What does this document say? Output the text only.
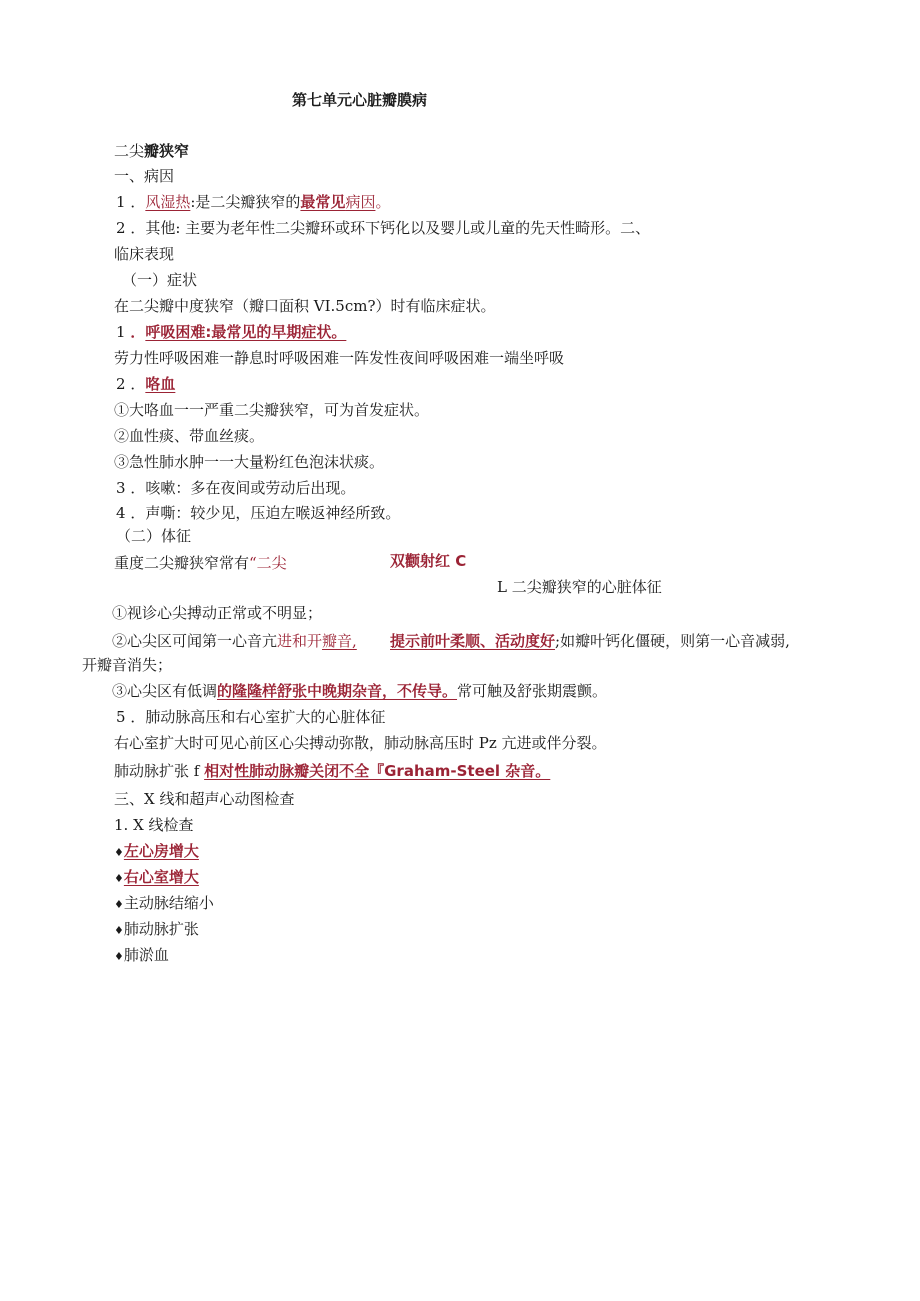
第七单元心脏瓣膜病
二尖瓣狭窄
一、病因
1 ．风湿热:是二尖瓣狭窄的最常见病因。
2 ．其他: 主要为老年性二尖瓣环或环下钙化以及婴儿或儿童的先天性畸形。二、
临床表现
（一）症状
在二尖瓣中度狭窄（瓣口面积 VI.5cm?）时有临床症状。
1 ．呼吸困难:最常见的早期症状。
劳力性呼吸困难一静息时呼吸困难一阵发性夜间呼吸困难一端坐呼吸
2 ．咯血
①大咯血一一严重二尖瓣狭窄，可为首发症状。
②血性痰、带血丝痰。
③急性肺水肿一一大量粉红色泡沫状痰。
3 ．咳嗽：多在夜间或劳动后出现。
4 ．声嘶：较少见，压迫左喉返神经所致。
（二）体征
重度二尖瓣狭窄常有“二尖	双颧射红 C
L 二尖瓣狭窄的心脏体征
①视诊心尖搏动正常或不明显；
②心尖区可闻第一心音亢进和开瓣音, 提示前叶柔顺、活动度好;如瓣叶钙化僵硬，则第一心音减弱,
开瓣音消失；
③心尖区有低调的隆隆样舒张中晚期杂音，不传导。常可触及舒张期震颤。
5 ．肺动脉高压和右心室扩大的心脏体征
右心室扩大时可见心前区心尖搏动弥散，肺动脉高压时 Pz 亢进或伴分裂。
肺动脉扩张 f 相对性肺动脉瓣关闭不全『Graham-Steel 杂音。
三、X 线和超声心动图检查
1. X 线检查
♦左心房增大
♦右心室增大
♦主动脉结缩小
♦肺动脉扩张
♦肺淤血
